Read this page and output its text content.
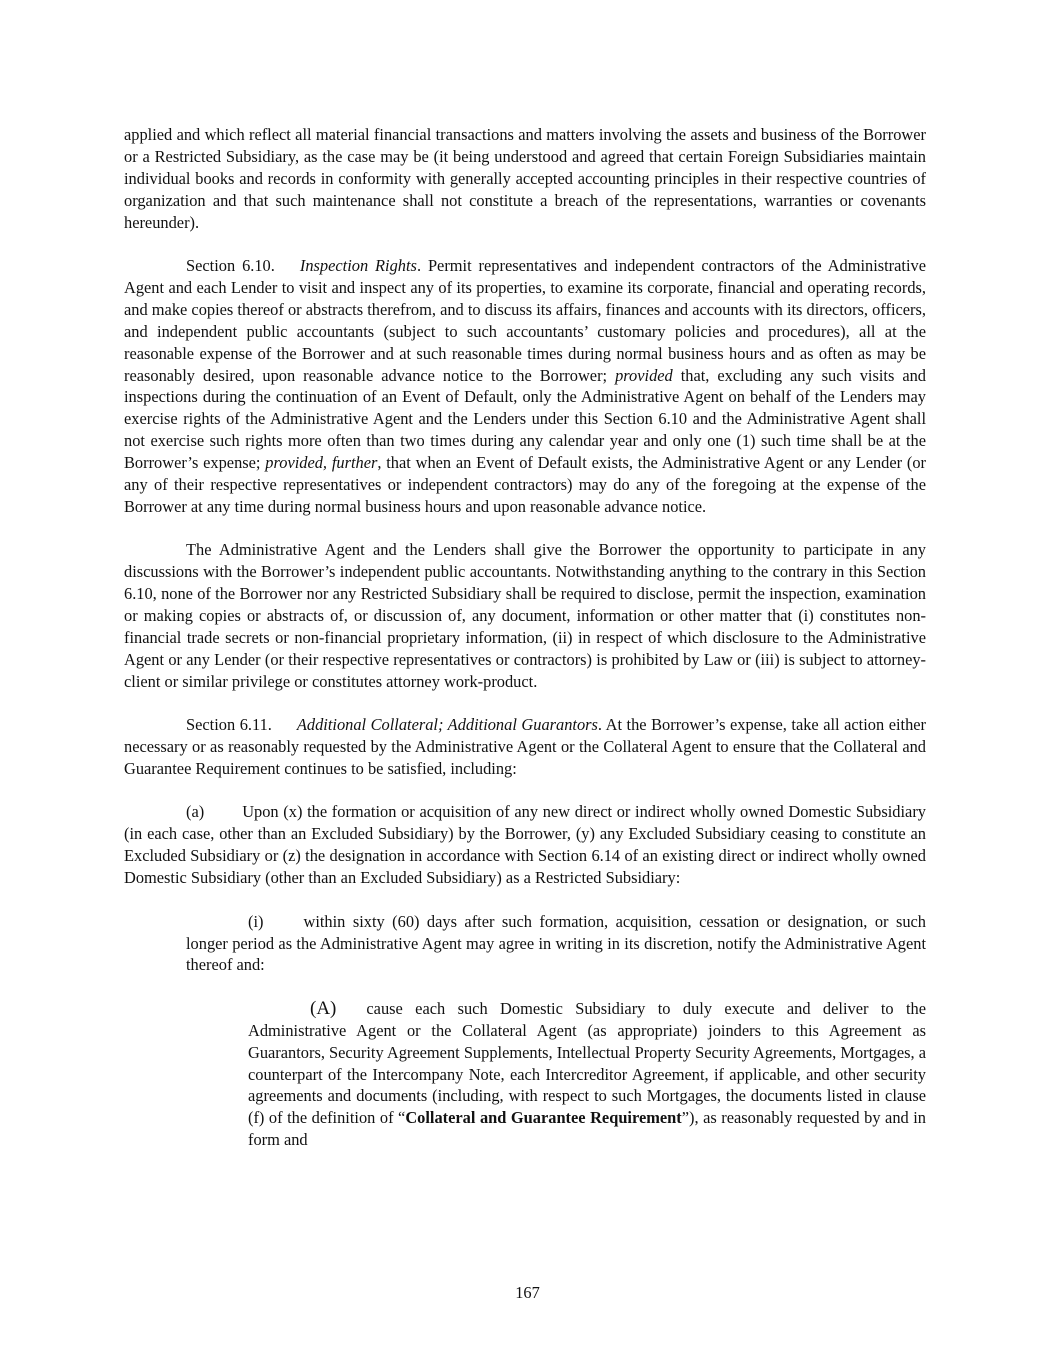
applied and which reflect all material financial transactions and matters involving the assets and business of the Borrower or a Restricted Subsidiary, as the case may be (it being understood and agreed that certain Foreign Subsidiaries maintain individual books and records in conformity with generally accepted accounting principles in their respective countries of organization and that such maintenance shall not constitute a breach of the representations, warranties or covenants hereunder).

Section 6.10. Inspection Rights. Permit representatives and independent contractors of the Administrative Agent and each Lender to visit and inspect any of its properties, to examine its corporate, financial and operating records, and make copies thereof or abstracts therefrom, and to discuss its affairs, finances and accounts with its directors, officers, and independent public accountants (subject to such accountants’ customary policies and procedures), all at the reasonable expense of the Borrower and at such reasonable times during normal business hours and as often as may be reasonably desired, upon reasonable advance notice to the Borrower; provided that, excluding any such visits and inspections during the continuation of an Event of Default, only the Administrative Agent on behalf of the Lenders may exercise rights of the Administrative Agent and the Lenders under this Section 6.10 and the Administrative Agent shall not exercise such rights more often than two times during any calendar year and only one (1) such time shall be at the Borrower’s expense; provided, further, that when an Event of Default exists, the Administrative Agent or any Lender (or any of their respective representatives or independent contractors) may do any of the foregoing at the expense of the Borrower at any time during normal business hours and upon reasonable advance notice.

The Administrative Agent and the Lenders shall give the Borrower the opportunity to participate in any discussions with the Borrower’s independent public accountants. Notwithstanding anything to the contrary in this Section 6.10, none of the Borrower nor any Restricted Subsidiary shall be required to disclose, permit the inspection, examination or making copies or abstracts of, or discussion of, any document, information or other matter that (i) constitutes non-financial trade secrets or non-financial proprietary information, (ii) in respect of which disclosure to the Administrative Agent or any Lender (or their respective representatives or contractors) is prohibited by Law or (iii) is subject to attorney-client or similar privilege or constitutes attorney work-product.

Section 6.11. Additional Collateral; Additional Guarantors. At the Borrower’s expense, take all action either necessary or as reasonably requested by the Administrative Agent or the Collateral Agent to ensure that the Collateral and Guarantee Requirement continues to be satisfied, including:

(a) Upon (x) the formation or acquisition of any new direct or indirect wholly owned Domestic Subsidiary (in each case, other than an Excluded Subsidiary) by the Borrower, (y) any Excluded Subsidiary ceasing to constitute an Excluded Subsidiary or (z) the designation in accordance with Section 6.14 of an existing direct or indirect wholly owned Domestic Subsidiary (other than an Excluded Subsidiary) as a Restricted Subsidiary:

(i) within sixty (60) days after such formation, acquisition, cessation or designation, or such longer period as the Administrative Agent may agree in writing in its discretion, notify the Administrative Agent thereof and:

(A) cause each such Domestic Subsidiary to duly execute and deliver to the Administrative Agent or the Collateral Agent (as appropriate) joinders to this Agreement as Guarantors, Security Agreement Supplements, Intellectual Property Security Agreements, Mortgages, a counterpart of the Intercompany Note, each Intercreditor Agreement, if applicable, and other security agreements and documents (including, with respect to such Mortgages, the documents listed in clause (f) of the definition of “Collateral and Guarantee Requirement”), as reasonably requested by and in form and

167
